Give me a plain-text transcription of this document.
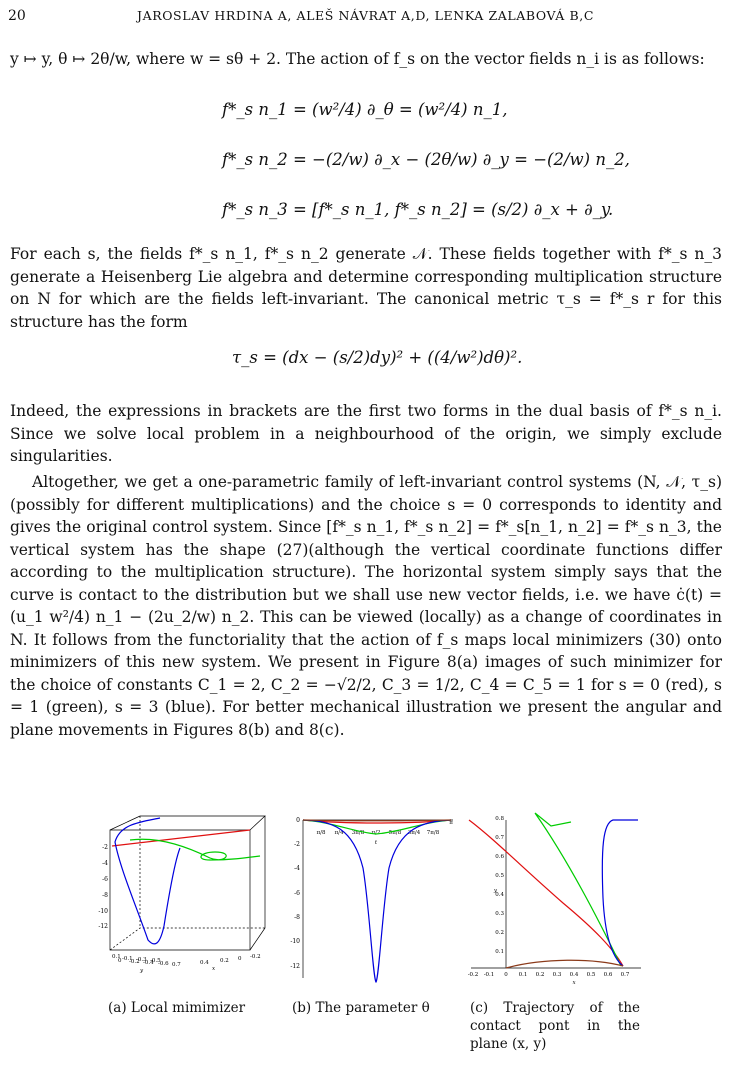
20	JAROSLAV HRDINA A, ALEŠ NÁVRAT A,D, LENKA ZALABOVÁ B,C
y ↦ y, θ ↦ 2θ/w, where w = sθ + 2. The action of f_s on the vector fields n_i is as follows:
f*_s n_1 = (w²/4) ∂_θ = (w²/4) n_1,
f*_s n_2 = −(2/w) ∂_x − (2θ/w) ∂_y = −(2/w) n_2,
f*_s n_3 = [f*_s n_1, f*_s n_2] = (s/2) ∂_x + ∂_y.
For each s, the fields f*_s n_1, f*_s n_2 generate 𝒩. These fields together with f*_s n_3 generate a Heisenberg Lie algebra and determine corresponding multiplication structure on N for which are the fields left-invariant. The canonical metric τ_s = f*_s r for this structure has the form
τ_s = (dx − (s/2)dy)² + ((4/w²)dθ)².
Indeed, the expressions in brackets are the first two forms in the dual basis of f*_s n_i. Since we solve local problem in a neighbourhood of the origin, we simply exclude singularities.
Altogether, we get a one-parametric family of left-invariant control systems (N, 𝒩, τ_s) (possibly for different multiplications) and the choice s = 0 corresponds to identity and gives the original control system. Since [f*_s n_1, f*_s n_2] = f*_s[n_1, n_2] = f*_s n_3, the vertical system has the shape (27)(although the vertical coordinate functions differ according to the multiplication structure). The horizontal system simply says that the curve is contact to the distribution but we shall use new vector fields, i.e. we have ċ(t) = (u_1 w²/4) n_1 − (2u_2/w) n_2. This can be viewed (locally) as a change of coordinates in N. It follows from the functoriality that the action of f_s maps local minimizers (30) onto minimizers of this new system. We present in Figure 8(a) images of such minimizer for the choice of constants C_1 = 2, C_2 = −√2/2, C_3 = 1/2, C_4 = C_5 = 1 for s = 0 (red), s = 1 (green), s = 3 (blue). For better mechanical illustration we present the angular and plane movements in Figures 8(b) and 8(c).
-2
-4
-6
-8
-10
-12
0.1
0 -0.1
-0.2
-0.3
-0.4
-0.5
-0.6 0.7	0.4 0.2 0 -0.2
y	x
0
-2
-4
-6
-8
-10
-12
π/8 π/4 3π/8 π/2 5π/8 3π/4 7π/8
π
t
0.8
0.7
0.6
0.5
0.4
0.3
0.2
0.1
y
-0.2 -0.1 0 0.1 0.2 0.3 0.4 0.5 0.6 0.7
x
(a) Local mimimizer	(b) The parameter θ	(c) Trajectory of the contact pont in the plane (x, y)
